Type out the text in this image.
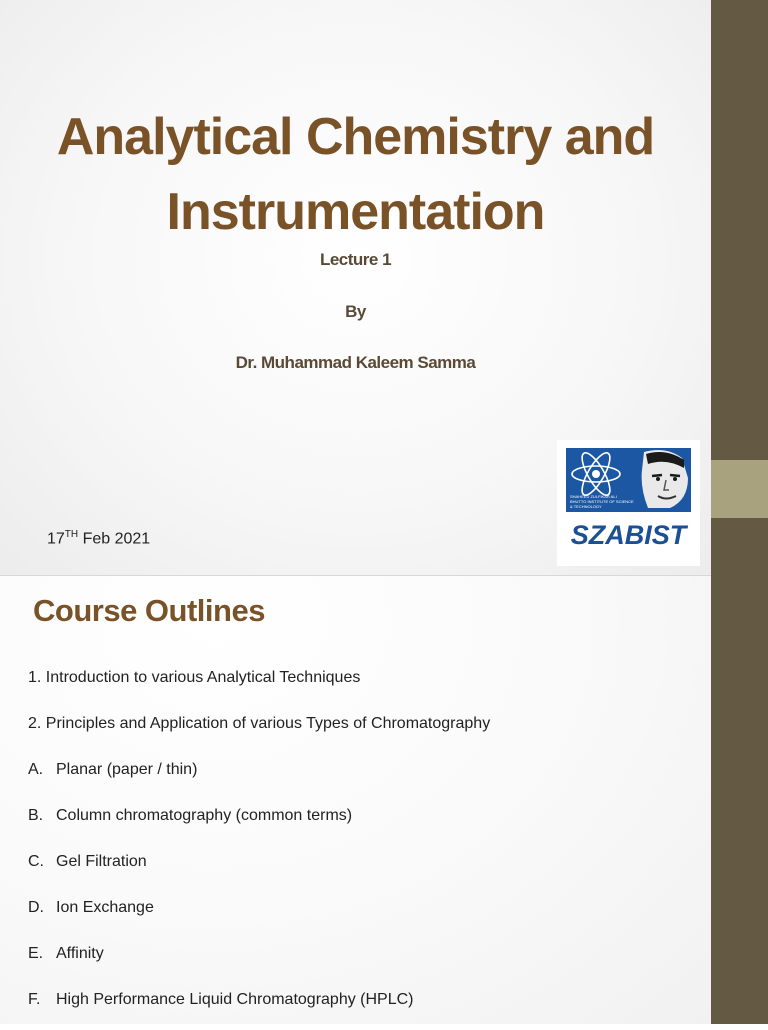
Analytical Chemistry and
Instrumentation
Lecture 1
By
Dr. Muhammad Kaleem Samma
17TH Feb 2021
SHAHEED ZULFIKAR ALI BHUTTO INSTITUTE OF SCIENCE & TECHNOLOGY
SZABIST
Course Outlines
1. Introduction to various Analytical Techniques
2. Principles and Application of various Types of Chromatography
A. Planar (paper / thin)
B. Column chromatography (common terms)
C. Gel Filtration
D. Ion Exchange
E. Affinity
F. High Performance Liquid Chromatography (HPLC)
